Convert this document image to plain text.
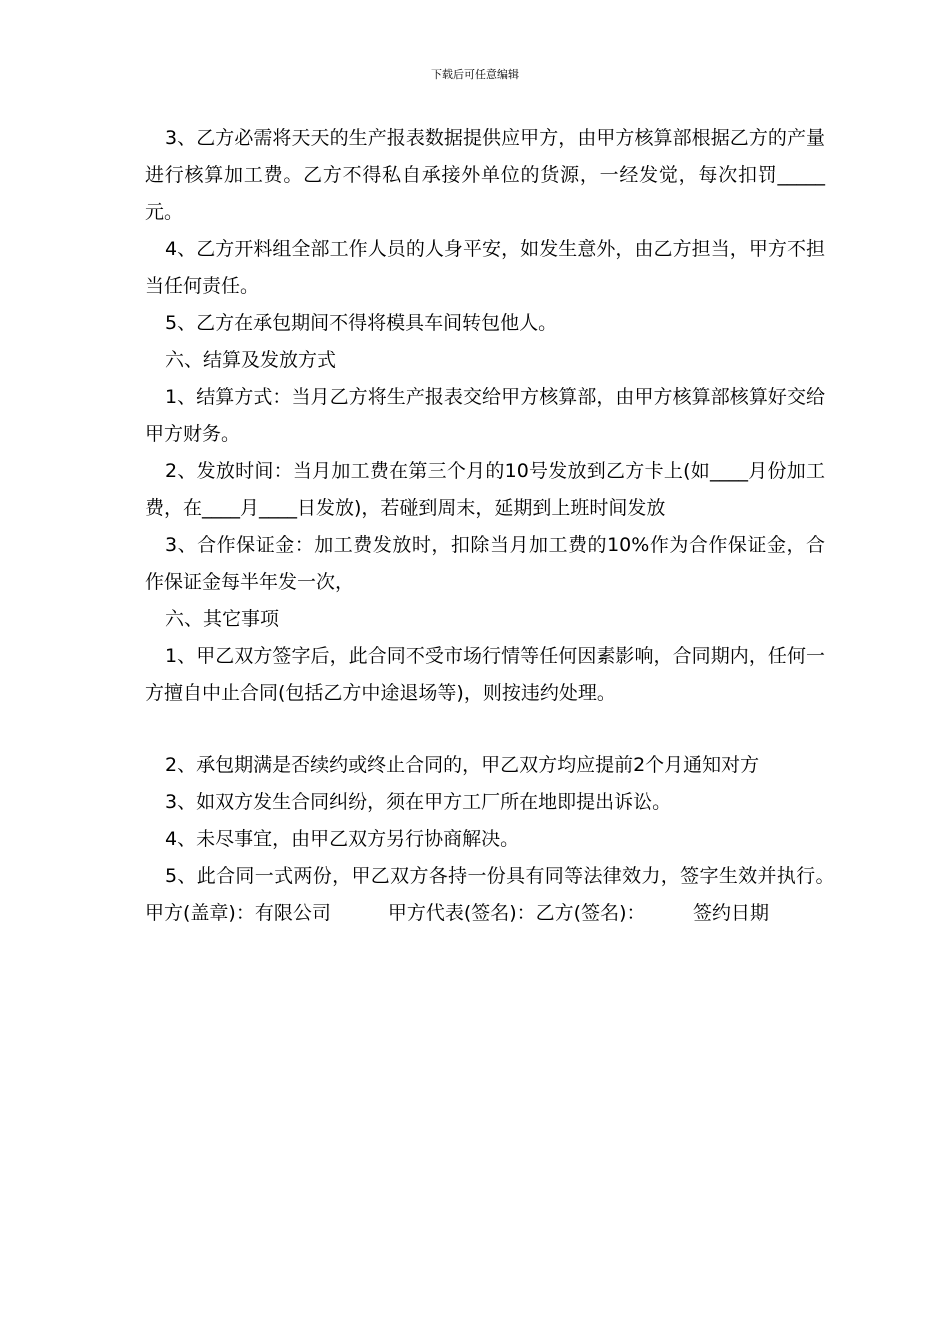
下载后可任意编辑

3、乙方必需将天天的生产报表数据提供应甲方，由甲方核算部根据乙方的产量进行核算加工费。乙方不得私自承接外单位的货源，一经发觉，每次扣罚_____元。

4、乙方开料组全部工作人员的人身平安，如发生意外，由乙方担当，甲方不担当任何责任。

5、乙方在承包期间不得将模具车间转包他人。

六、结算及发放方式

1、结算方式：当月乙方将生产报表交给甲方核算部，由甲方核算部核算好交给甲方财务。

2、发放时间：当月加工费在第三个月的10号发放到乙方卡上(如____月份加工费，在____月____日发放)，若碰到周末，延期到上班时间发放

3、合作保证金：加工费发放时，扣除当月加工费的10%作为合作保证金，合作保证金每半年发一次，

六、其它事项

1、甲乙双方签字后，此合同不受市场行情等任何因素影响，合同期内，任何一方擅自中止合同(包括乙方中途退场等)，则按违约处理。

2、承包期满是否续约或终止合同的，甲乙双方均应提前2个月通知对方

3、如双方发生合同纠纷，须在甲方工厂所在地即提出诉讼。

4、未尽事宜，由甲乙双方另行协商解决。

5、此合同一式两份，甲乙双方各持一份具有同等法律效力，签字生效并执行。　　　甲方(盖章)：有限公司　　　甲方代表(签名)：乙方(签名)：　　　签约日期
